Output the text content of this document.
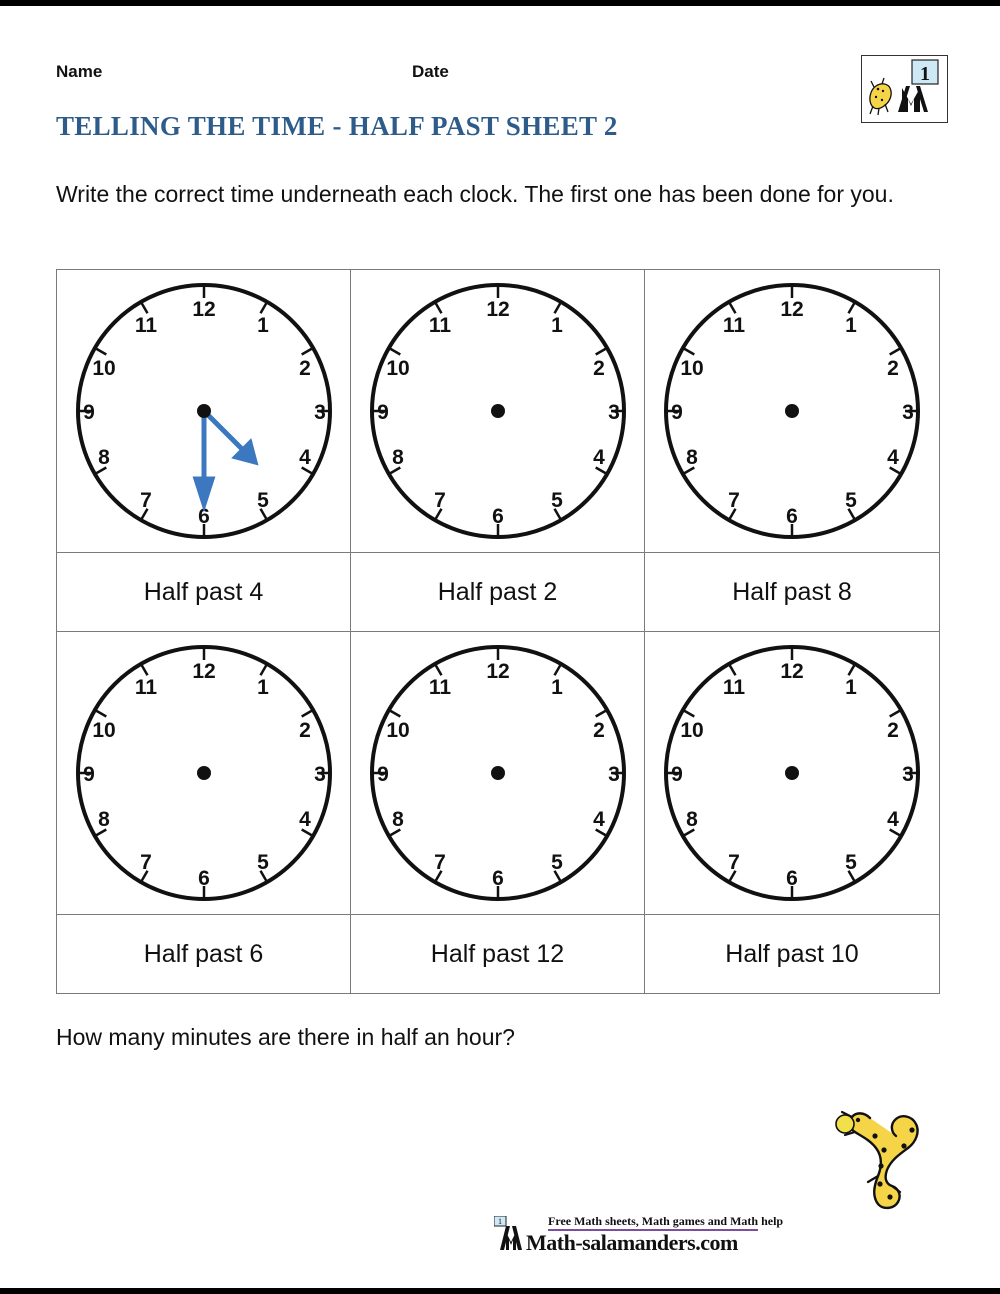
Name	Date	1
TELLING THE TIME - HALF PAST SHEET 2
Write the correct time underneath each clock. The first one has been done for you.
12
1
2
3
4
5
6
7
8
9
10
11
12
1
2
3
4
5
6
7
8
9
10
11
12
1
2
3
4
5
6
7
8
9
10
11
Half past 4	Half past 2	Half past 8
12
1
2
3
4
5
6
7
8
9
10
11
12
1
2
3
4
5
6
7
8
9
10
11
12
1
2
3
4
5
6
7
8
9
10
11
Half past 6	Half past 12	Half past 10
How many minutes are there in half an hour?
1	Free Math sheets, Math games and Math help
Math-salamanders.com
